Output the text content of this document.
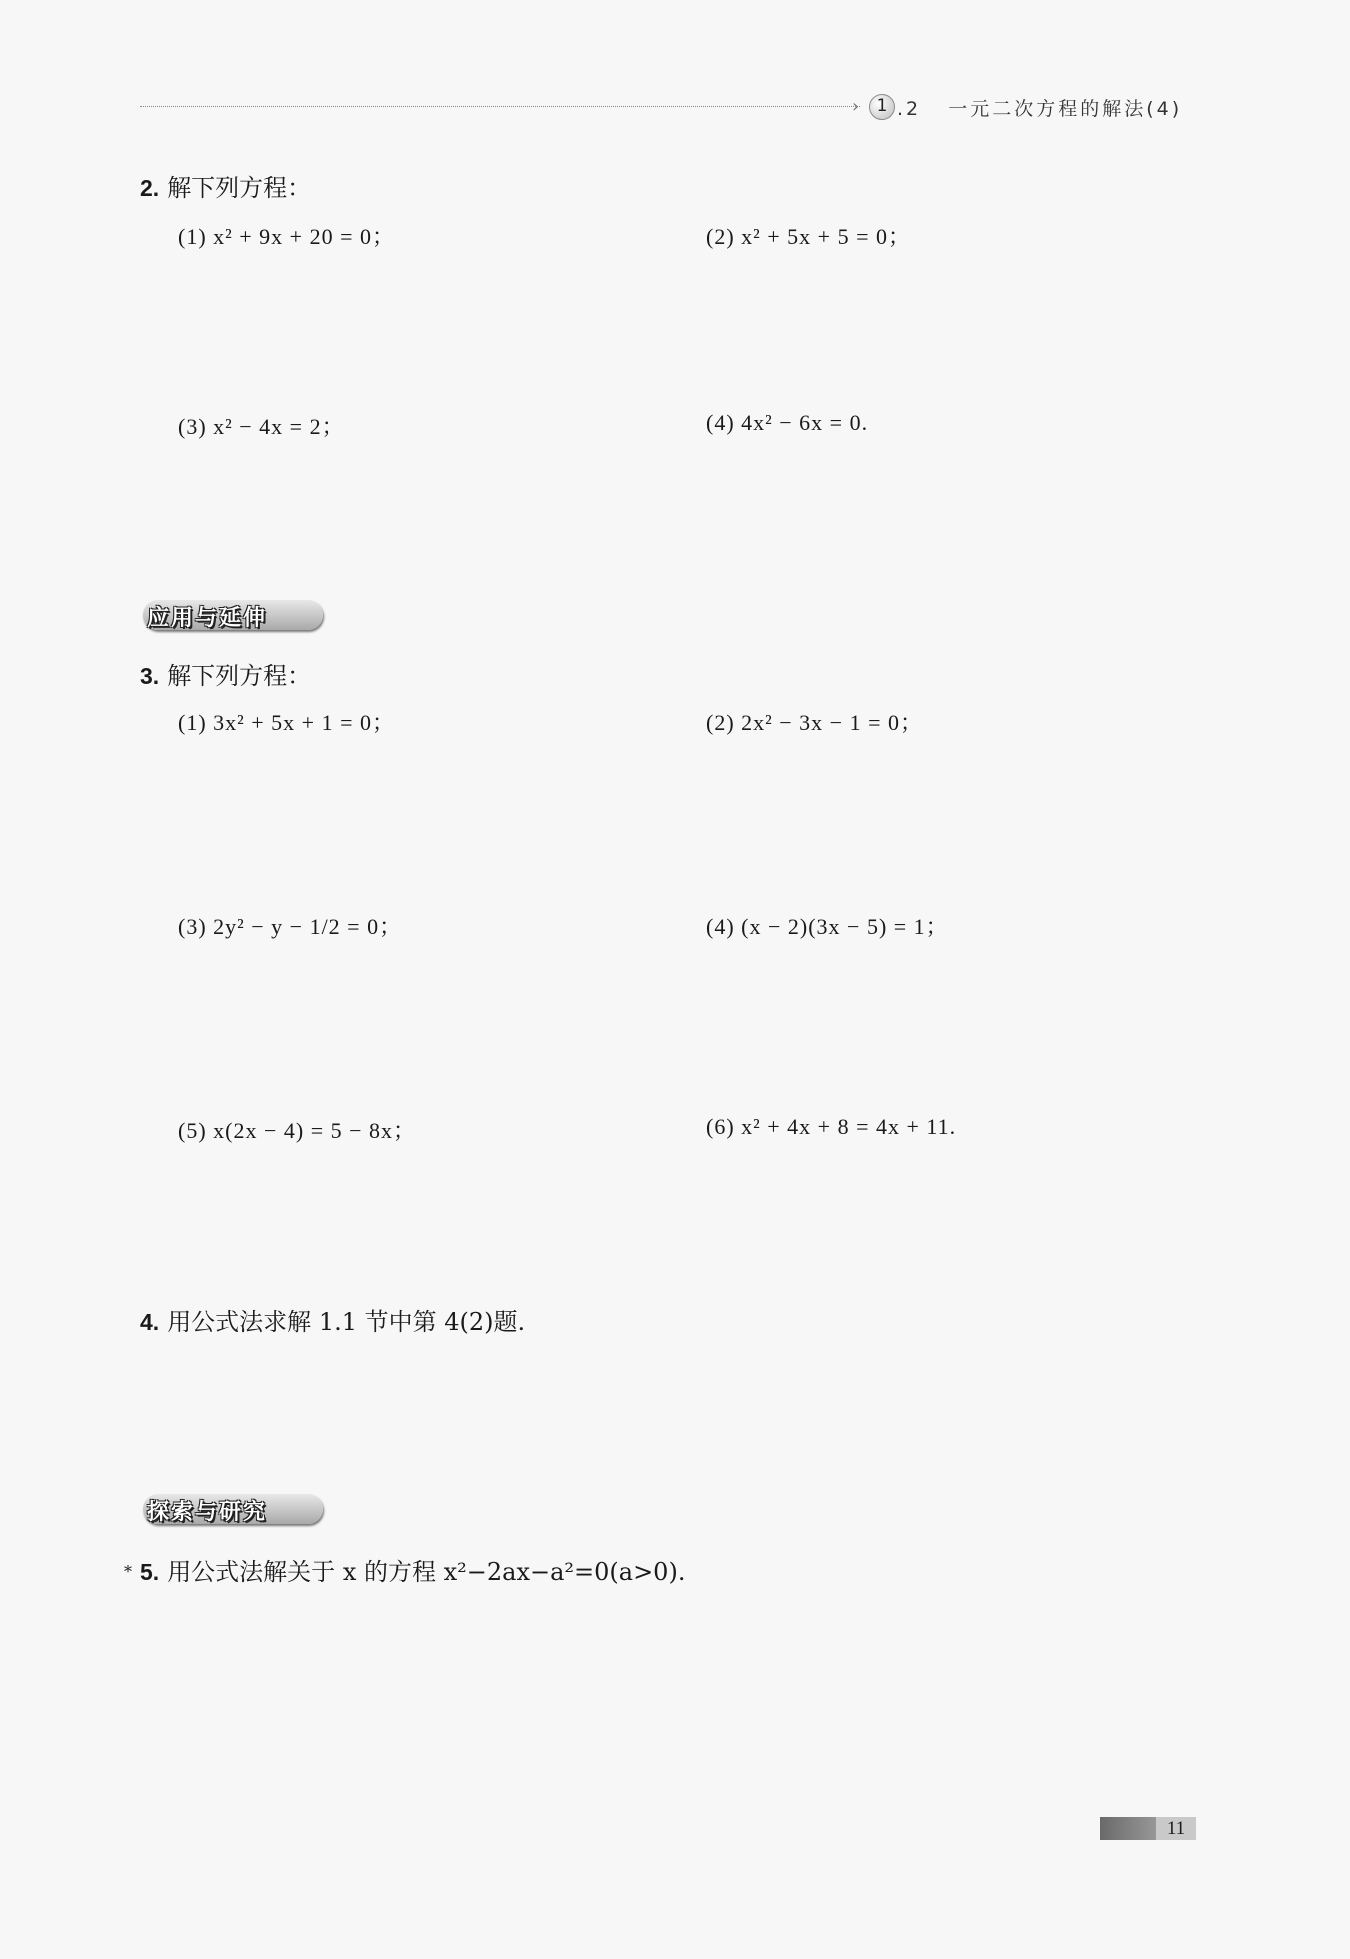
›	1 .2 一元二次方程的解法(4)
2. 解下列方程：
(1) x² + 9x + 20 = 0；	(2) x² + 5x + 5 = 0；
(3) x² − 4x = 2；	(4) 4x² − 6x = 0.
应用与延伸
3. 解下列方程：
(1) 3x² + 5x + 1 = 0；	(2) 2x² − 3x − 1 = 0；
(3) 2y² − y − 1/2 = 0；	(4) (x − 2)(3x − 5) = 1；
(5) x(2x − 4) = 5 − 8x；	(6) x² + 4x + 8 = 4x + 11.
4. 用公式法求解 1.1 节中第 4(2)题.
探索与研究
* 5. 用公式法解关于 x 的方程 x²−2ax−a²=0(a>0).
11
